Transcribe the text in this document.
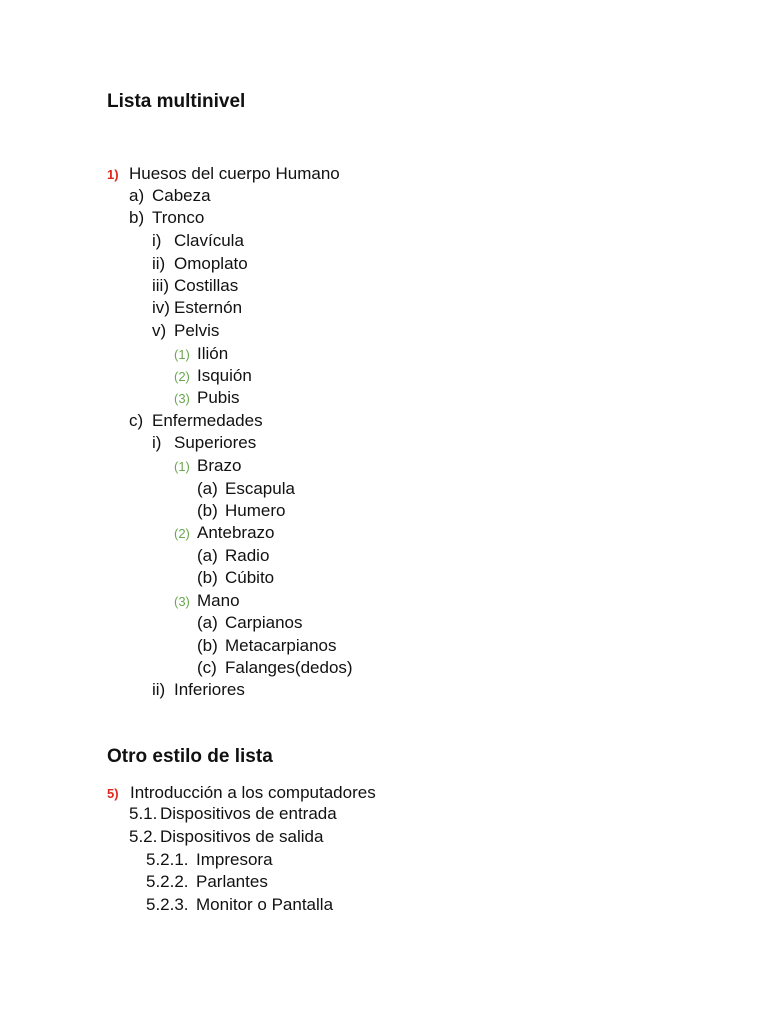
Lista multinivel
1) Huesos del cuerpo Humano
a) Cabeza
b) Tronco
i) Clavícula
ii) Omoplato
iii) Costillas
iv) Esternón
v) Pelvis
(1) Ilión
(2) Isquión
(3) Pubis
c) Enfermedades
i) Superiores
(1) Brazo
(a) Escapula
(b) Humero
(2) Antebrazo
(a) Radio
(b) Cúbito
(3) Mano
(a) Carpianos
(b) Metacarpianos
(c) Falanges(dedos)
ii) Inferiores
Otro estilo de lista
5) Introducción a los computadores
5.1. Dispositivos de entrada
5.2. Dispositivos de salida
5.2.1. Impresora
5.2.2. Parlantes
5.2.3. Monitor o Pantalla
